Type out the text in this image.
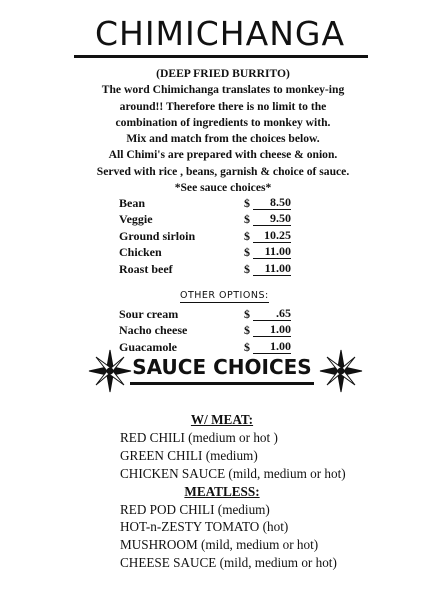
CHIMICHANGA
(DEEP FRIED BURRITO)
The word Chimichanga translates to monkey-ing
around!! Therefore there is no limit to the
combination of ingredients to monkey with.
Mix and match from the choices below.
All Chimi's are prepared with cheese & onion.
Served with rice , beans, garnish & choice of sauce.
*See sauce choices*
Bean	$	8.50
Veggie	$	9.50
Ground sirloin	$	10.25
Chicken	$	11.00
Roast beef	$	11.00
OTHER OPTIONS:
Sour cream	$	.65
Nacho cheese	$	1.00
Guacamole	$	1.00
SAUCE CHOICES
W/ MEAT:
RED CHILI (medium or hot )
GREEN CHILI (medium)
CHICKEN SAUCE (mild, medium or hot)
MEATLESS:
RED POD CHILI (medium)
HOT-n-ZESTY TOMATO (hot)
MUSHROOM (mild, medium or hot)
CHEESE SAUCE (mild, medium or hot)
